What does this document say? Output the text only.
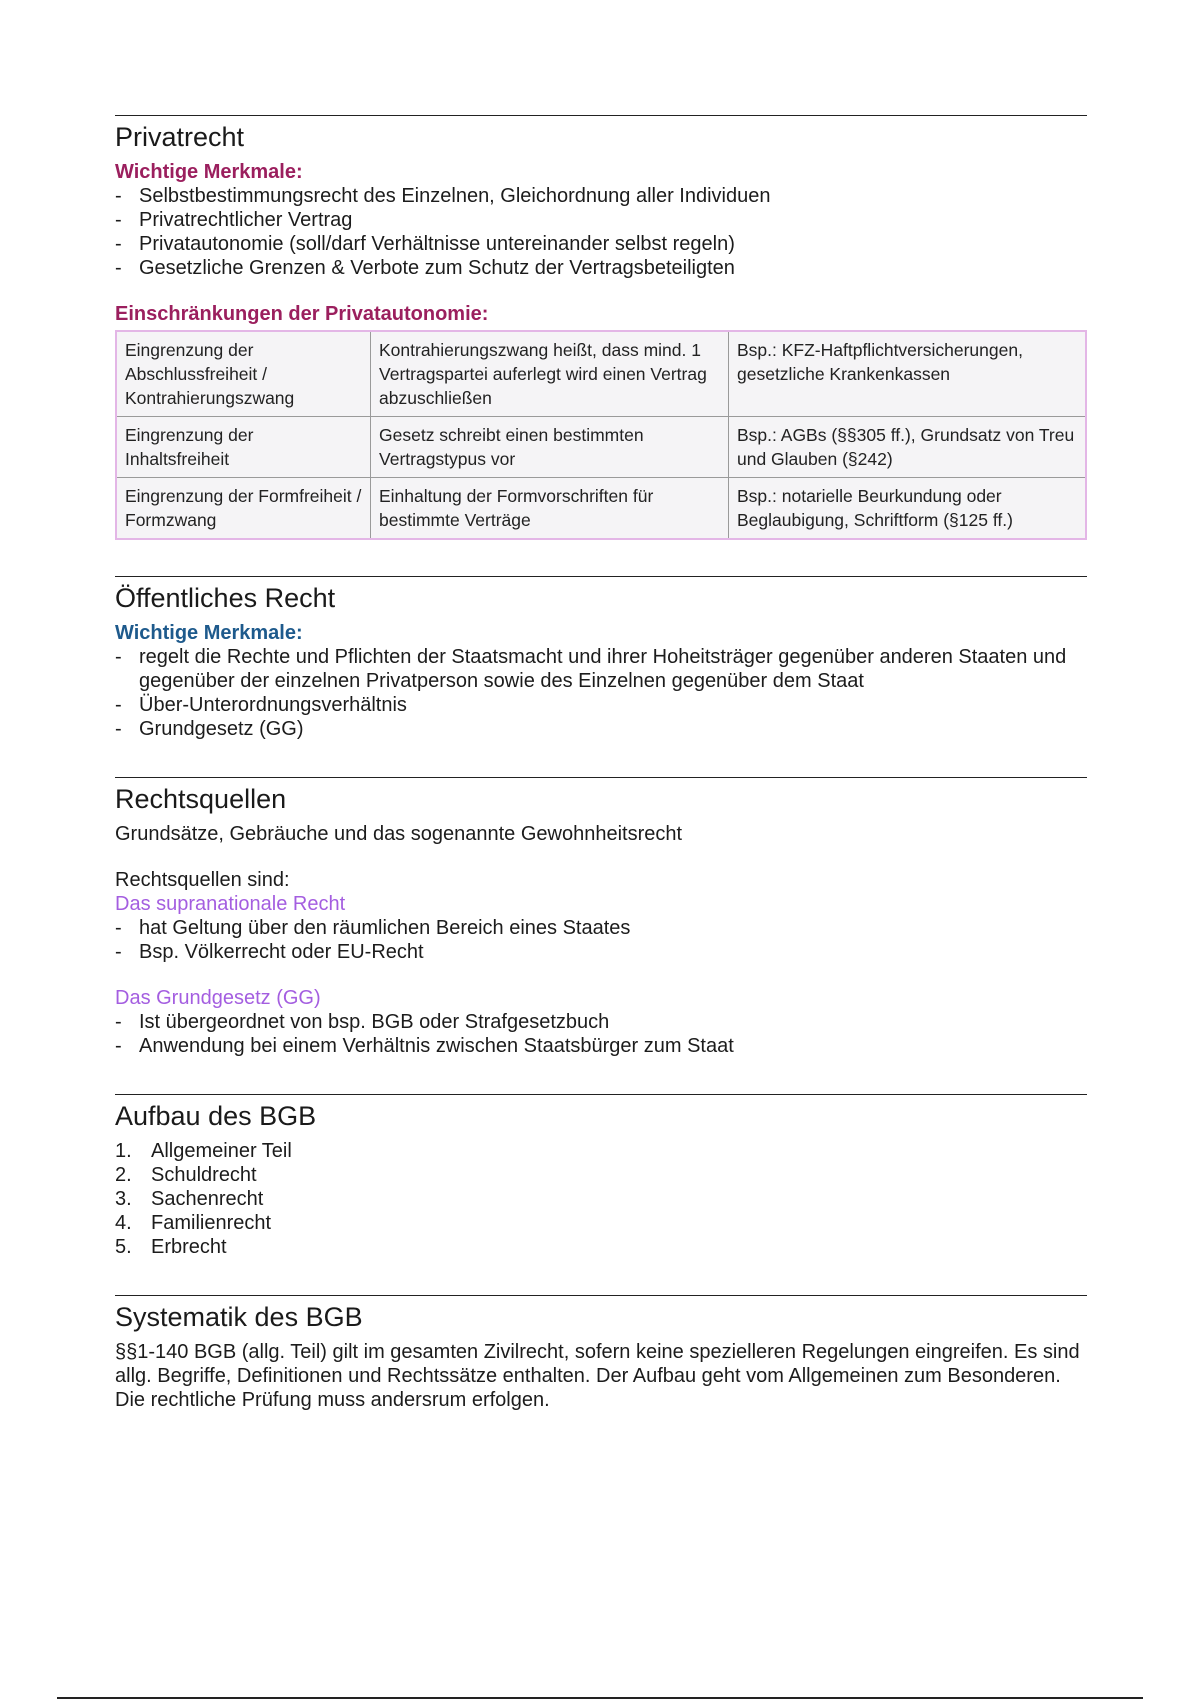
Privatrecht
Wichtige Merkmale:
- Selbstbestimmungsrecht des Einzelnen, Gleichordnung aller Individuen
- Privatrechtlicher Vertrag
- Privatautonomie (soll/darf Verhältnisse untereinander selbst regeln)
- Gesetzliche Grenzen & Verbote zum Schutz der Vertragsbeteiligten
Einschränkungen der Privatautonomie:
Eingrenzung der Abschlussfreiheit / Kontrahierungszwang	Kontrahierungszwang heißt, dass mind. 1 Vertragspartei auferlegt wird einen Vertrag abzuschließen	Bsp.: KFZ-Haftpflichtversicherungen, gesetzliche Krankenkassen
Eingrenzung der Inhaltsfreiheit	Gesetz schreibt einen bestimmten Vertragstypus vor	Bsp.: AGBs (§§305 ff.), Grundsatz von Treu und Glauben (§242)
Eingrenzung der Formfreiheit / Formzwang	Einhaltung der Formvorschriften für bestimmte Verträge	Bsp.: notarielle Beurkundung oder Beglaubigung, Schriftform (§125 ff.)
Öffentliches Recht
Wichtige Merkmale:
- regelt die Rechte und Pflichten der Staatsmacht und ihrer Hoheitsträger gegenüber anderen Staaten und gegenüber der einzelnen Privatperson sowie des Einzelnen gegenüber dem Staat
- Über-Unterordnungsverhältnis
- Grundgesetz (GG)
Rechtsquellen

Grundsätze, Gebräuche und das sogenannte Gewohnheitsrecht

Rechtsquellen sind:

Das supranationale Recht
- hat Geltung über den räumlichen Bereich eines Staates
- Bsp. Völkerrecht oder EU-Recht
Das Grundgesetz (GG)
- Ist übergeordnet von bsp. BGB oder Strafgesetzbuch
- Anwendung bei einem Verhältnis zwischen Staatsbürger zum Staat
Aufbau des BGB
1. Allgemeiner Teil
2. Schuldrecht
3. Sachenrecht
4. Familienrecht
5. Erbrecht
Systematik des BGB

§§1-140 BGB (allg. Teil) gilt im gesamten Zivilrecht, sofern keine spezielleren Regelungen eingreifen. Es sind allg. Begriffe, Definitionen und Rechtssätze enthalten. Der Aufbau geht vom Allgemeinen zum Besonderen. Die rechtliche Prüfung muss andersrum erfolgen.
